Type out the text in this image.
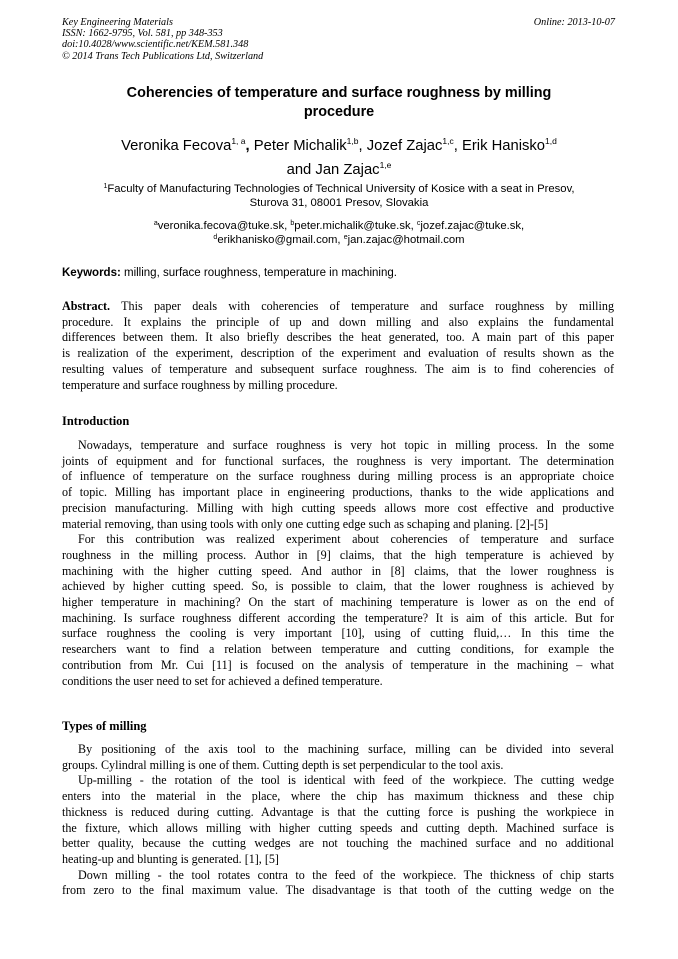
Key Engineering Materials
ISSN: 1662-9795, Vol. 581, pp 348-353
doi:10.4028/www.scientific.net/KEM.581.348
© 2014 Trans Tech Publications Ltd, Switzerland
Online: 2013-10-07
Coherencies of temperature and surface roughness by milling
procedure
Veronika Fecova$^{1, a}$, Peter Michalik$^{1,b}$, Jozef Zajac$^{1,c}$, Erik Hanisko$^{1,d}$
and Jan Zajac$^{1,e}$
$^1$Faculty of Manufacturing Technologies of Technical University of Kosice with a seat in Presov,
Sturova 31, 08001 Presov, Slovakia
$^a$veronika.fecova@tuke.sk, $^b$peter.michalik@tuke.sk, $^c$jozef.zajac@tuke.sk,
$^d$erikhanisko@gmail.com, $^e$jan.zajac@hotmail.com
Keywords: milling, surface roughness, temperature in machining.
Abstract. This paper deals with coherencies of temperature and surface roughness by milling
procedure. It explains the principle of up and down milling and also explains the fundamental
differences between them. It also briefly describes the heat generated, too. A main part of this paper
is realization of the experiment, description of the experiment and evaluation of results shown as the
resulting values of temperature and subsequent surface roughness. The aim is to find coherencies of
temperature and surface roughness by milling procedure.
Introduction
Nowadays, temperature and surface roughness is very hot topic in milling process. In the some
joints of equipment and for functional surfaces, the roughness is very important. The determination
of influence of temperature on the surface roughness during milling process is an appropriate choice
of topic. Milling has important place in engineering productions, thanks to the wide applications and
precision manufacturing. Milling with high cutting speeds allows more cost effective and productive
material removing, than using tools with only one cutting edge such as schaping and planing. [2]-[5]
For this contribution was realized experiment about coherencies of temperature and surface
roughness in the milling process. Author in [9] claims, that the high temperature is achieved by
machining with the higher cutting speed. And author in [8] claims, that the lower roughness is
achieved by higher cutting speed. So, is possible to claim, that the lower roughness is achieved by
higher temperature in machining? On the start of machining temperature is lower as on the end of
machining. Is surface roughness different according the temperature? It is aim of this article. But for
surface roughness the cooling is very important [10], using of cutting fluid,… In this time the
researchers want to find a relation between temperature and cutting conditions, for example the
contribution from Mr. Cui [11] is focused on the analysis of temperature in the machining – what
conditions the user need to set for achieved a defined temperature.
Types of milling
By positioning of the axis tool to the machining surface, milling can be divided into several
groups. Cylindral milling is one of them. Cutting depth is set perpendicular to the tool axis.
Up-milling - the rotation of the tool is identical with feed of the workpiece. The cutting wedge
enters into the material in the place, where the chip has maximum thickness and these chip
thickness is reduced during cutting. Advantage is that the cutting force is pushing the workpiece in
the fixture, which allows milling with higher cutting speeds and cutting depth. Machined surface is
better quality, because the cutting wedges are not touching the machined surface and no additional
heating-up and blunting is generated. [1], [5]
Down milling - the tool rotates contra to the feed of the workpiece. The thickness of chip starts
from zero to the final maximum value. The disadvantage is that tooth of the cutting wedge on the
